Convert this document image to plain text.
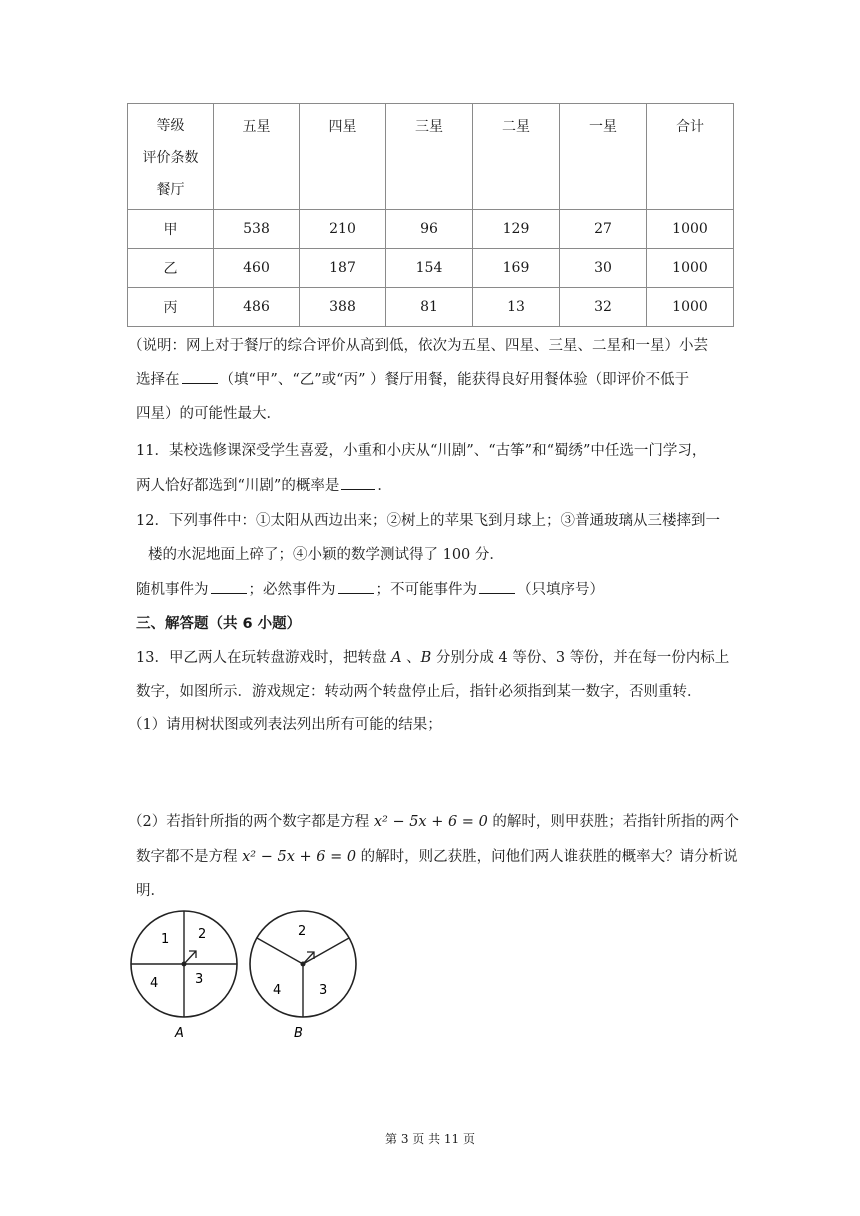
等级
评价条数
餐厅	五星	四星	三星	二星	一星	合计
甲	538	210	96	129	27	1000
乙	460	187	154	169	30	1000
丙	486	388	81	13	32	1000
（说明：网上对于餐厅的综合评价从高到低，依次为五星、四星、三星、二星和一星）小芸
选择在	（填“甲”、“乙”或“丙” ）餐厅用餐，能获得良好用餐体验（即评价不低于
四星）的可能性最大．
11．某校选修课深受学生喜爱，小重和小庆从“川剧”、“古筝”和“蜀绣”中任选一门学习，
两人恰好都选到“川剧”的概率是	．
12．下列事件中：①太阳从西边出来；②树上的苹果飞到月球上；③普通玻璃从三楼摔到一
楼的水泥地面上碎了；④小颖的数学测试得了 100 分．
随机事件为	；必然事件为	；不可能事件为	（只填序号）
三、解答题（共 6 小题）
13．甲乙两人在玩转盘游戏时，把转盘 A 、B 分别分成 4 等份、3 等份，并在每一份内标上
数字，如图所示．游戏规定：转动两个转盘停止后，指针必须指到某一数字，否则重转．
（1）请用树状图或列表法列出所有可能的结果；
（2）若指针所指的两个数字都是方程 x² − 5x + 6 = 0 的解时，则甲获胜；若指针所指的两个
数字都不是方程 x² − 5x + 6 = 0 的解时，则乙获胜，问他们两人谁获胜的概率大？请分析说
明．
1 2
4	3
A
2
4	3
B
第 3 页 共 11 页
